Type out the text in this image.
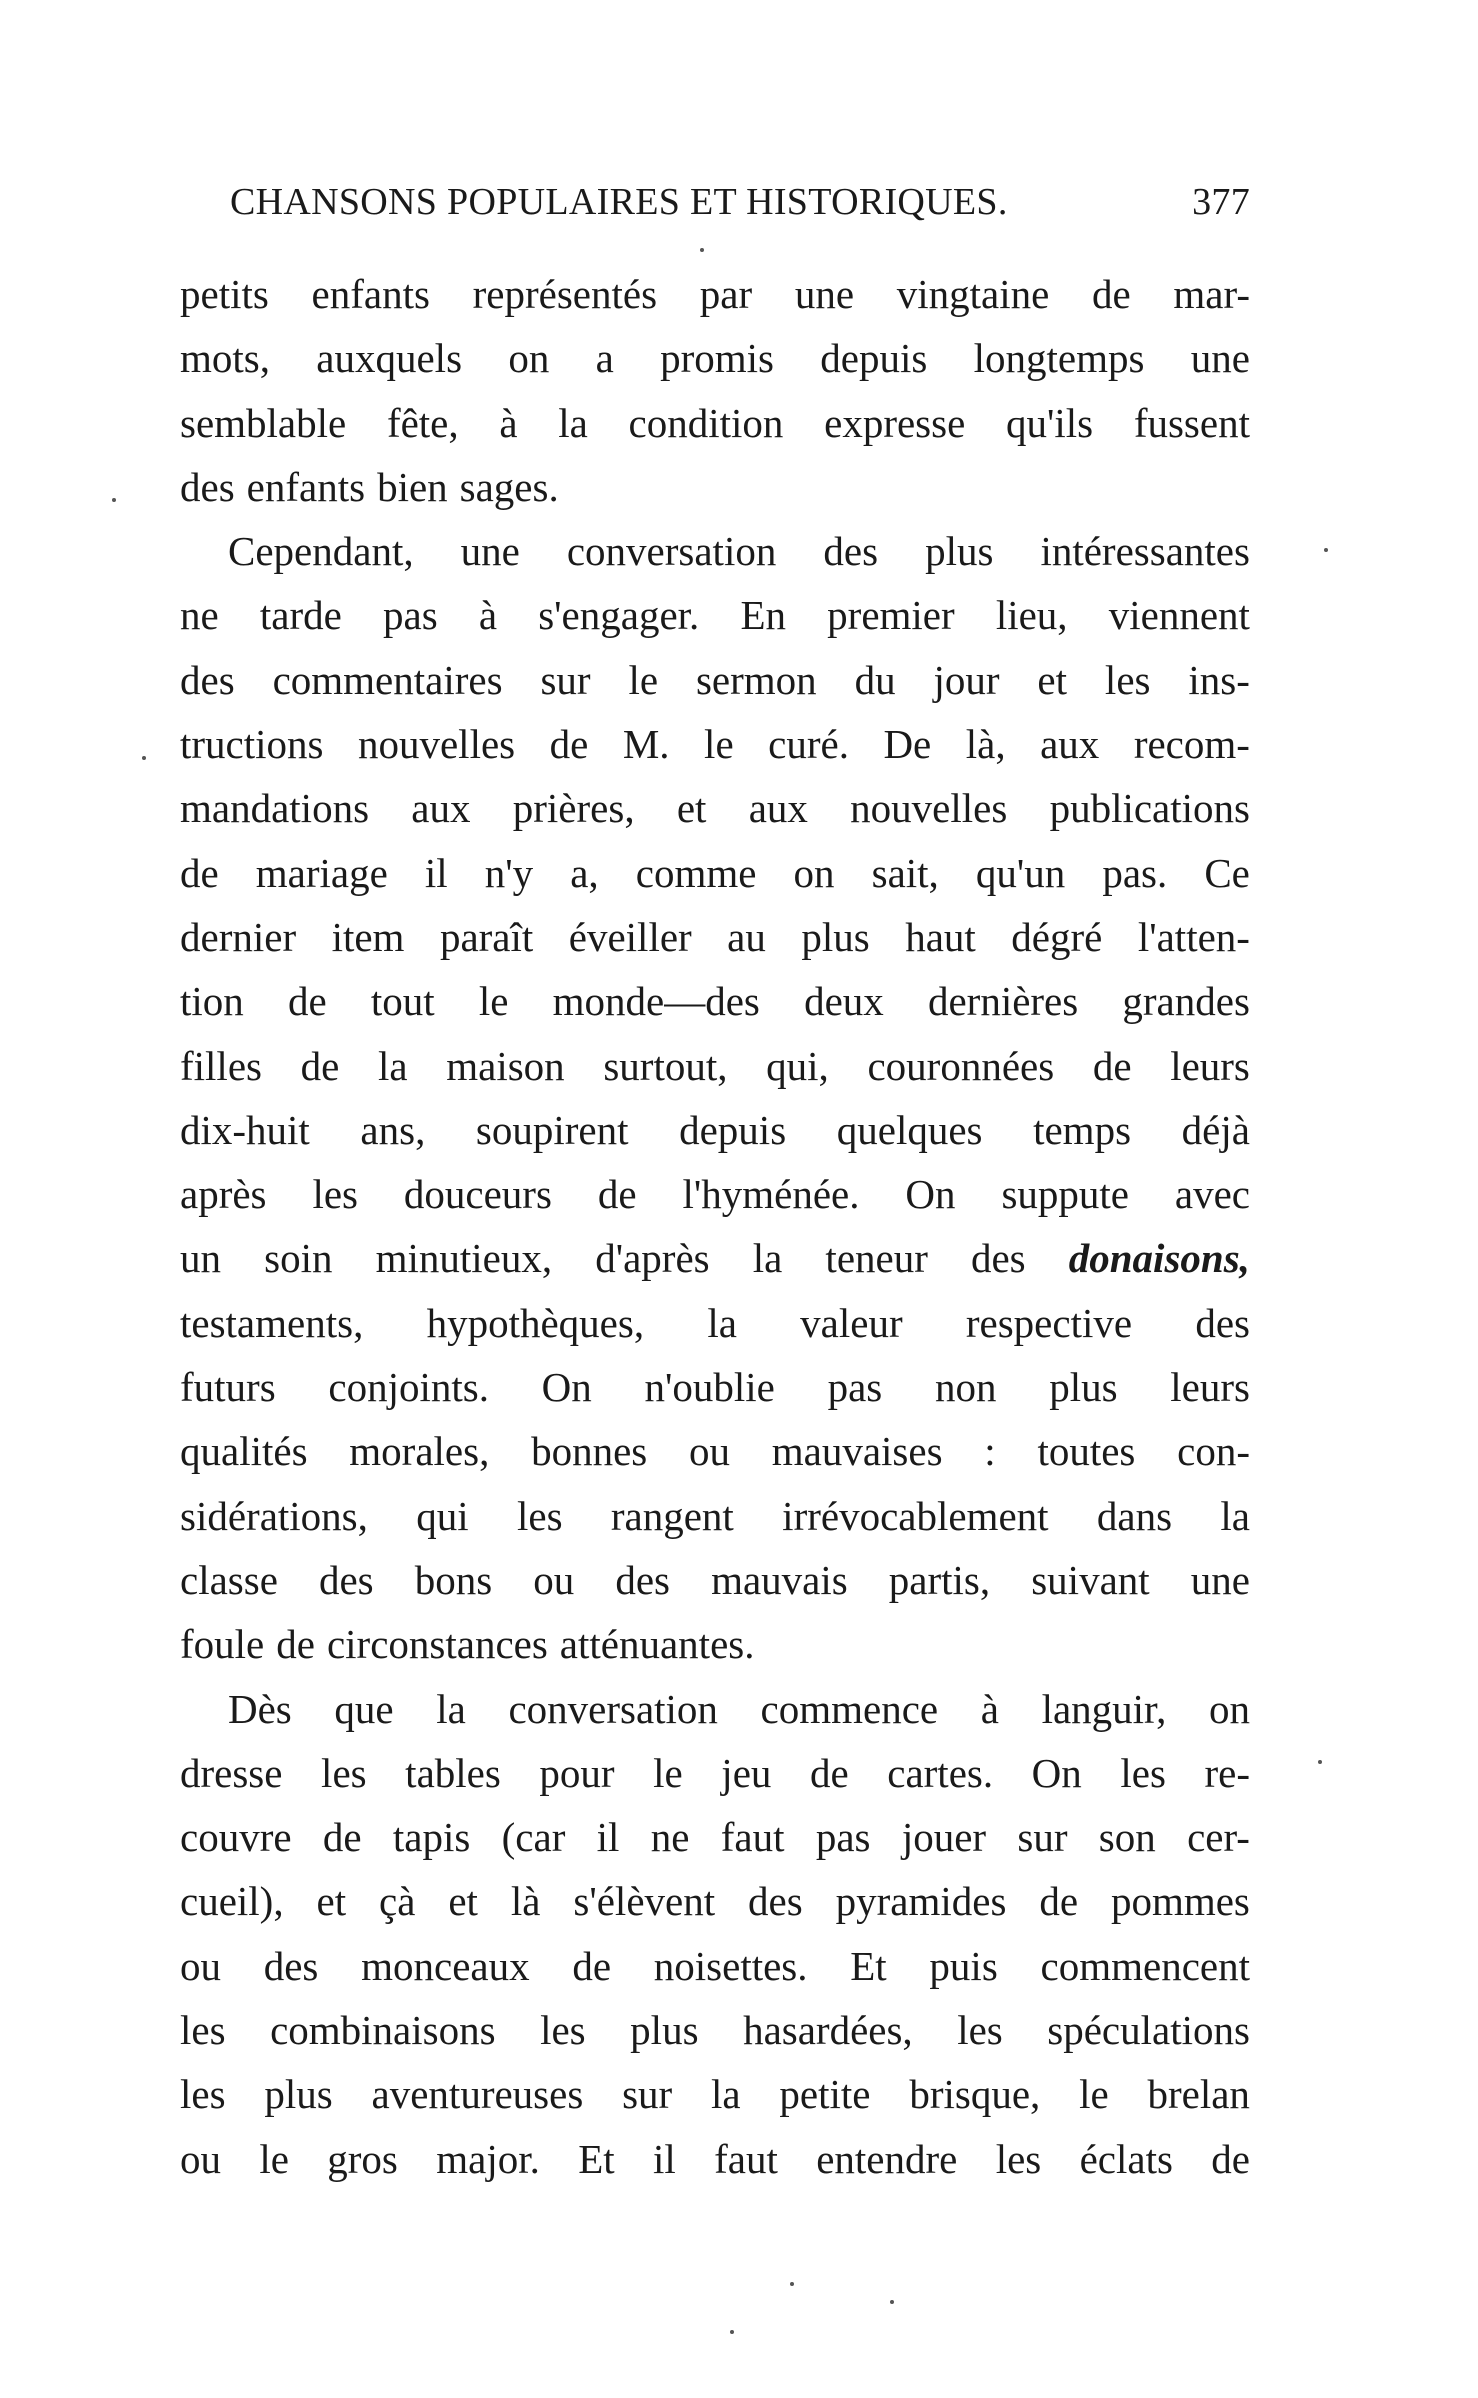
CHANSONS POPULAIRES ET HISTORIQUES.	377
petits enfants représentés par une vingtaine de mar-
mots, auxquels on a promis depuis longtemps une
semblable fête, à la condition expresse qu'ils fussent
des enfants bien sages.
Cependant, une conversation des plus intéressantes
ne tarde pas à s'engager. En premier lieu, viennent
des commentaires sur le sermon du jour et les ins-
tructions nouvelles de M. le curé. De là, aux recom-
mandations aux prières, et aux nouvelles publications
de mariage il n'y a, comme on sait, qu'un pas. Ce
dernier item paraît éveiller au plus haut dégré l'atten-
tion de tout le monde—des deux dernières grandes
filles de la maison surtout, qui, couronnées de leurs
dix-huit ans, soupirent depuis quelques temps déjà
après les douceurs de l'hyménée. On suppute avec
un soin minutieux, d'après la teneur des donaisons,
testaments, hypothèques, la valeur respective des
futurs conjoints. On n'oublie pas non plus leurs
qualités morales, bonnes ou mauvaises : toutes con-
sidérations, qui les rangent irrévocablement dans la
classe des bons ou des mauvais partis, suivant une
foule de circonstances atténuantes.
Dès que la conversation commence à languir, on
dresse les tables pour le jeu de cartes. On les re-
couvre de tapis (car il ne faut pas jouer sur son cer-
cueil), et çà et là s'élèvent des pyramides de pommes
ou des monceaux de noisettes. Et puis commencent
les combinaisons les plus hasardées, les spéculations
les plus aventureuses sur la petite brisque, le brelan
ou le gros major. Et il faut entendre les éclats de
